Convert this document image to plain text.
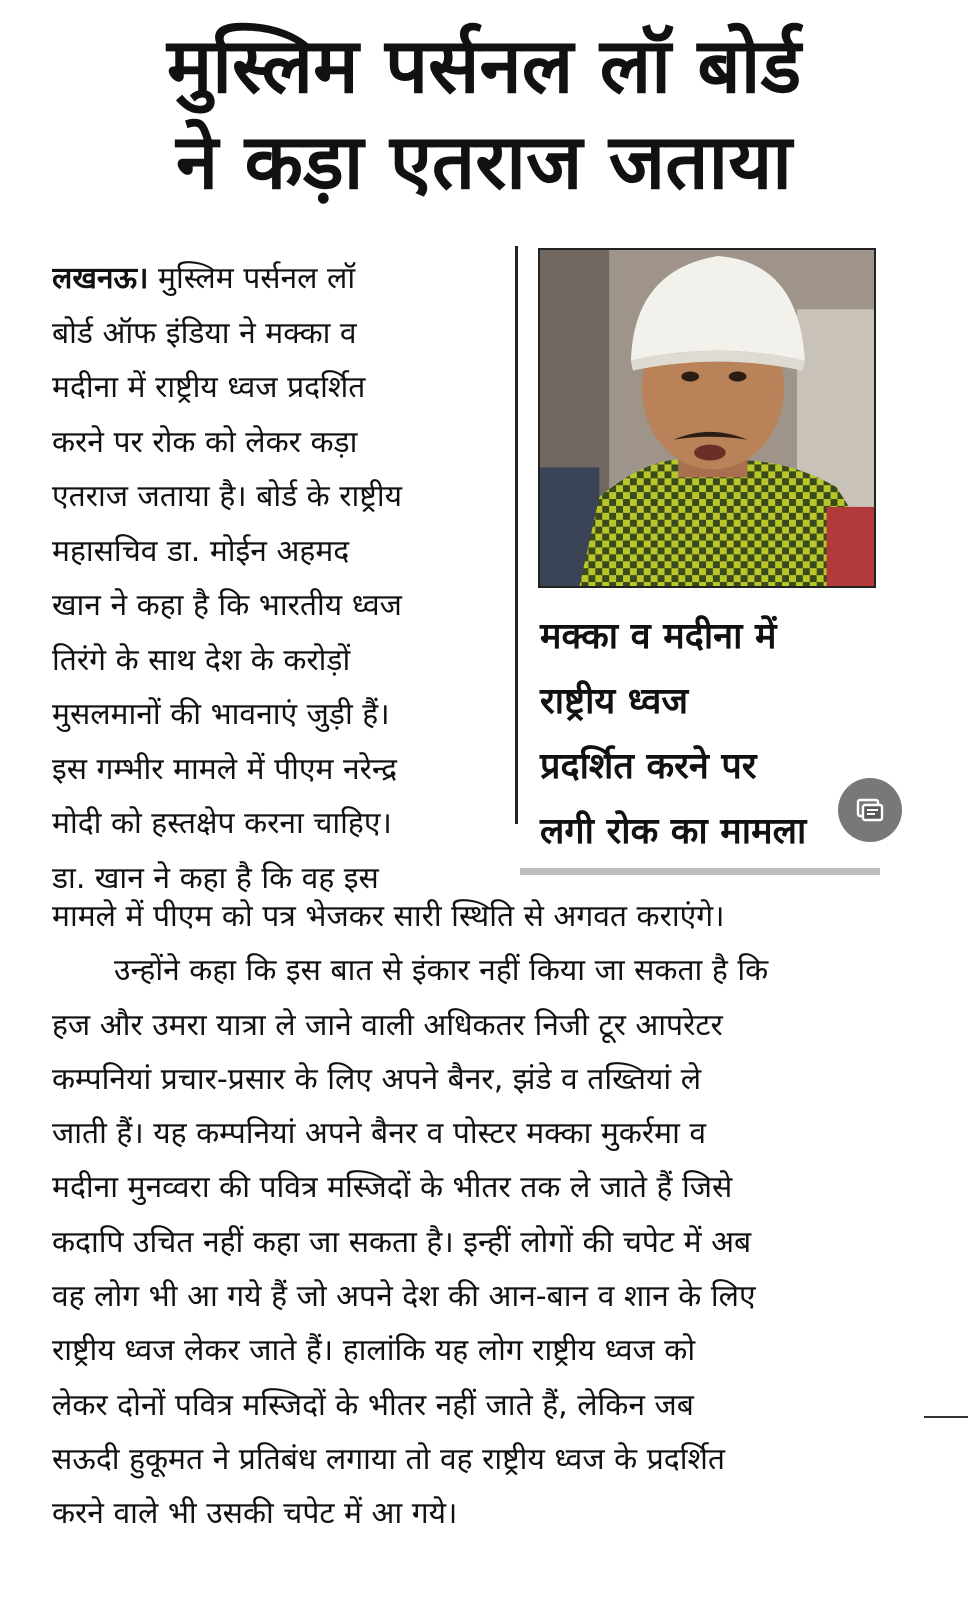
मुस्लिम पर्सनल लॉ बोर्ड
ने कड़ा एतराज जताया
लखनऊ। मुस्लिम पर्सनल लॉ
बोर्ड ऑफ इंडिया ने मक्का व
मदीना में राष्ट्रीय ध्वज प्रदर्शित
करने पर रोक को लेकर कड़ा
एतराज जताया है। बोर्ड के राष्ट्रीय
महासचिव डा. मोईन अहमद
खान ने कहा है कि भारतीय ध्वज
तिरंगे के साथ देश के करोड़ों
मुसलमानों की भावनाएं जुड़ी हैं।
इस गम्भीर मामले में पीएम नरेन्द्र
मोदी को हस्तक्षेप करना चाहिए।
डा. खान ने कहा है कि वह इस
मक्का व मदीना में
राष्ट्रीय ध्वज
प्रदर्शित करने पर
लगी रोक का मामला
मामले में पीएम को पत्र भेजकर सारी स्थिति से अगवत कराएंगे।
उन्होंने कहा कि इस बात से इंकार नहीं किया जा सकता है कि
हज और उमरा यात्रा ले जाने वाली अधिकतर निजी टूर आपरेटर
कम्पनियां प्रचार-प्रसार के लिए अपने बैनर, झंडे व तख्तियां ले
जाती हैं। यह कम्पनियां अपने बैनर व पोस्टर मक्का मुकर्रमा व
मदीना मुनव्वरा की पवित्र मस्जिदों के भीतर तक ले जाते हैं जिसे
कदापि उचित नहीं कहा जा सकता है। इन्हीं लोगों की चपेट में अब
वह लोग भी आ गये हैं जो अपने देश की आन-बान व शान के लिए
राष्ट्रीय ध्वज लेकर जाते हैं। हालांकि यह लोग राष्ट्रीय ध्वज को
लेकर दोनों पवित्र मस्जिदों के भीतर नहीं जाते हैं, लेकिन जब
सऊदी हुकूमत ने प्रतिबंध लगाया तो वह राष्ट्रीय ध्वज के प्रदर्शित
करने वाले भी उसकी चपेट में आ गये।
